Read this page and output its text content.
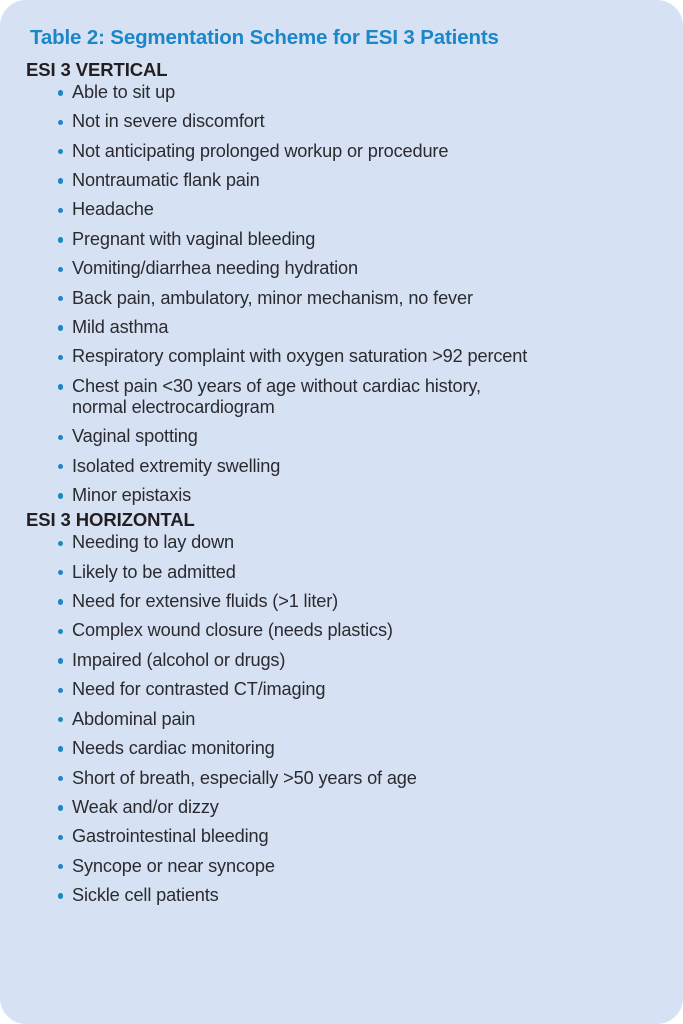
Table 2: Segmentation Scheme for ESI 3 Patients
ESI 3 VERTICAL
Able to sit up
Not in severe discomfort
Not anticipating prolonged workup or procedure
Nontraumatic flank pain
Headache
Pregnant with vaginal bleeding
Vomiting/diarrhea needing hydration
Back pain, ambulatory, minor mechanism, no fever
Mild asthma
Respiratory complaint with oxygen saturation >92 percent
Chest pain <30 years of age without cardiac history,
normal electrocardiogram
Vaginal spotting
Isolated extremity swelling
Minor epistaxis
ESI 3 HORIZONTAL
Needing to lay down
Likely to be admitted
Need for extensive fluids (>1 liter)
Complex wound closure (needs plastics)
Impaired (alcohol or drugs)
Need for contrasted CT/imaging
Abdominal pain
Needs cardiac monitoring
Short of breath, especially >50 years of age
Weak and/or dizzy
Gastrointestinal bleeding
Syncope or near syncope
Sickle cell patients
